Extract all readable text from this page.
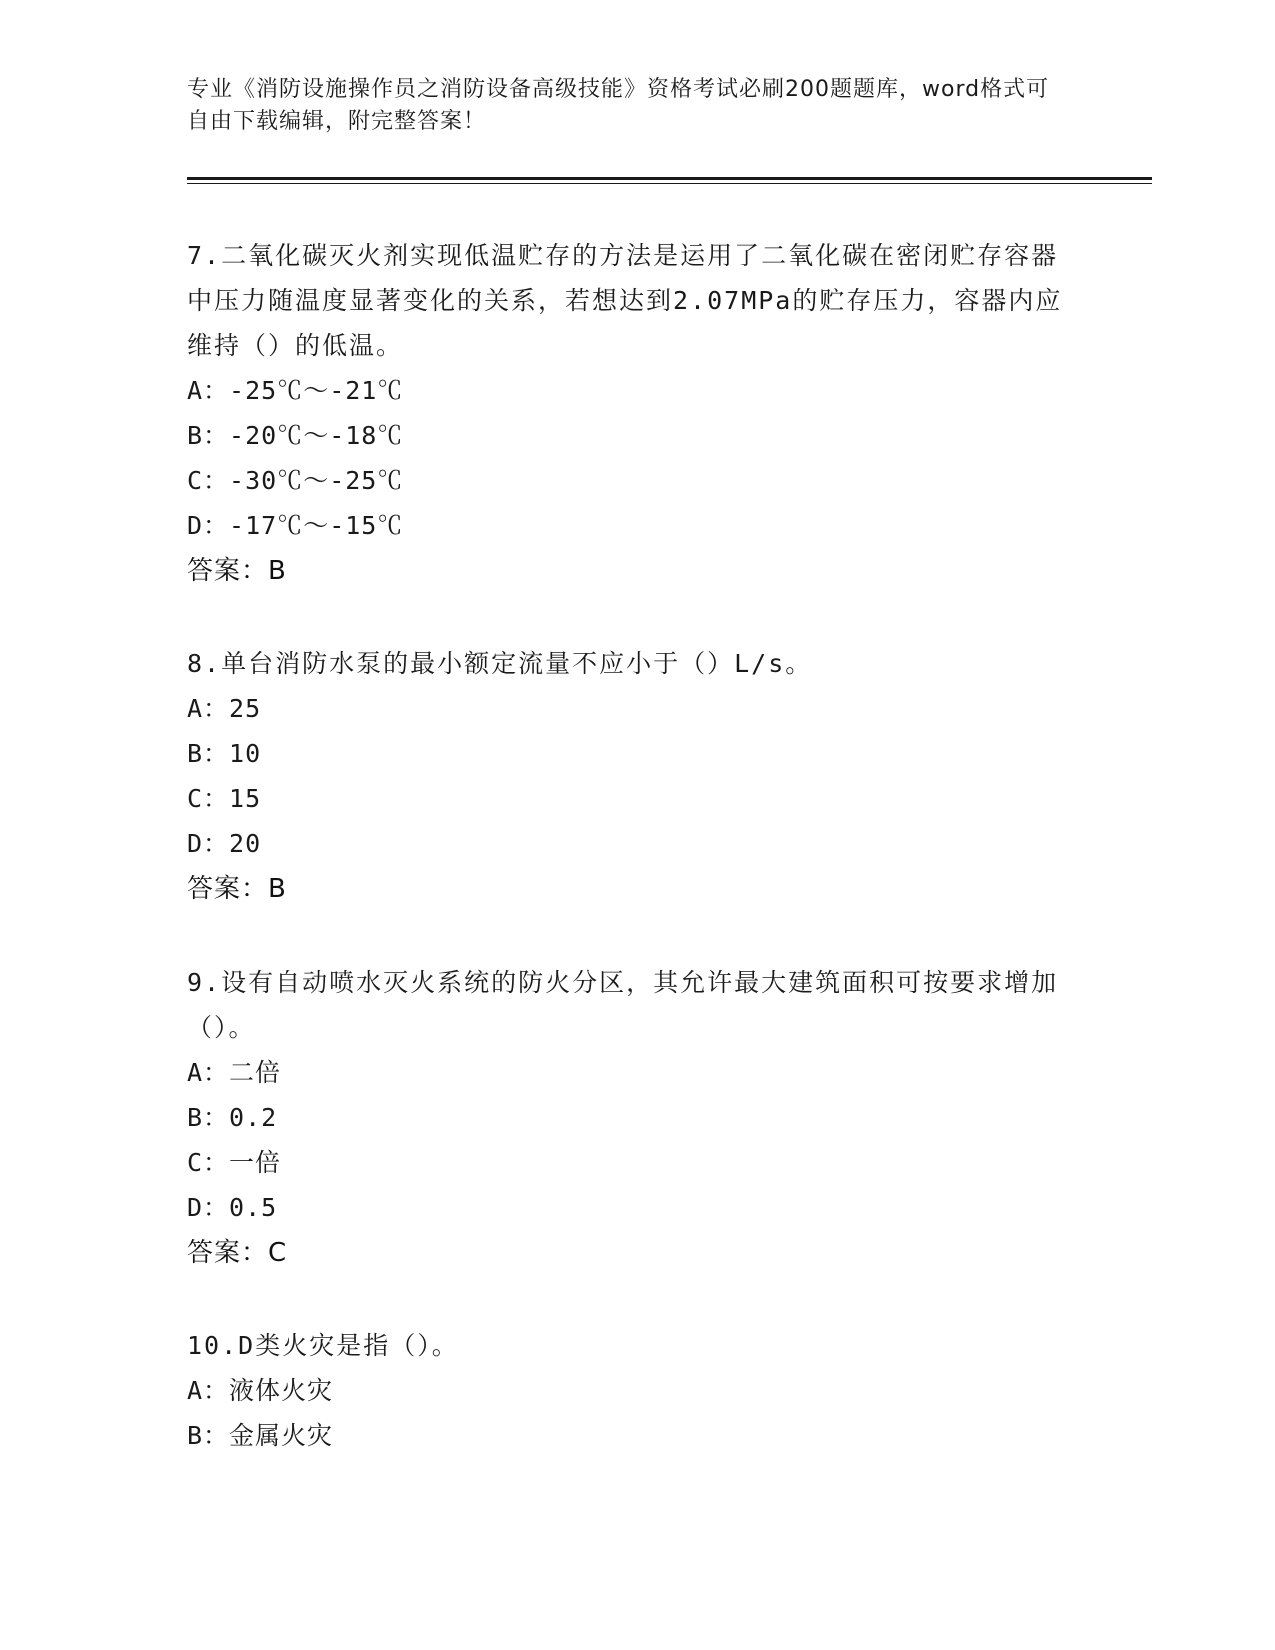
专业《消防设施操作员之消防设备高级技能》资格考试必刷200题题库，word格式可自由下载编辑，附完整答案！

7.二氧化碳灭火剂实现低温贮存的方法是运用了二氧化碳在密闭贮存容器中压力随温度显著变化的关系，若想达到2.07MPa的贮存压力，容器内应维持（）的低温。

A：-25℃～-21℃

B：-20℃～-18℃

C：-30℃～-25℃

D：-17℃～-15℃

答案：B

8.单台消防水泵的最小额定流量不应小于（）L/s。

A：25

B：10

C：15

D：20

答案：B

9.设有自动喷水灭火系统的防火分区，其允许最大建筑面积可按要求增加（）。

A：二倍

B：0.2

C：一倍

D：0.5

答案：C

10.D类火灾是指（）。

A：液体火灾

B：金属火灾
